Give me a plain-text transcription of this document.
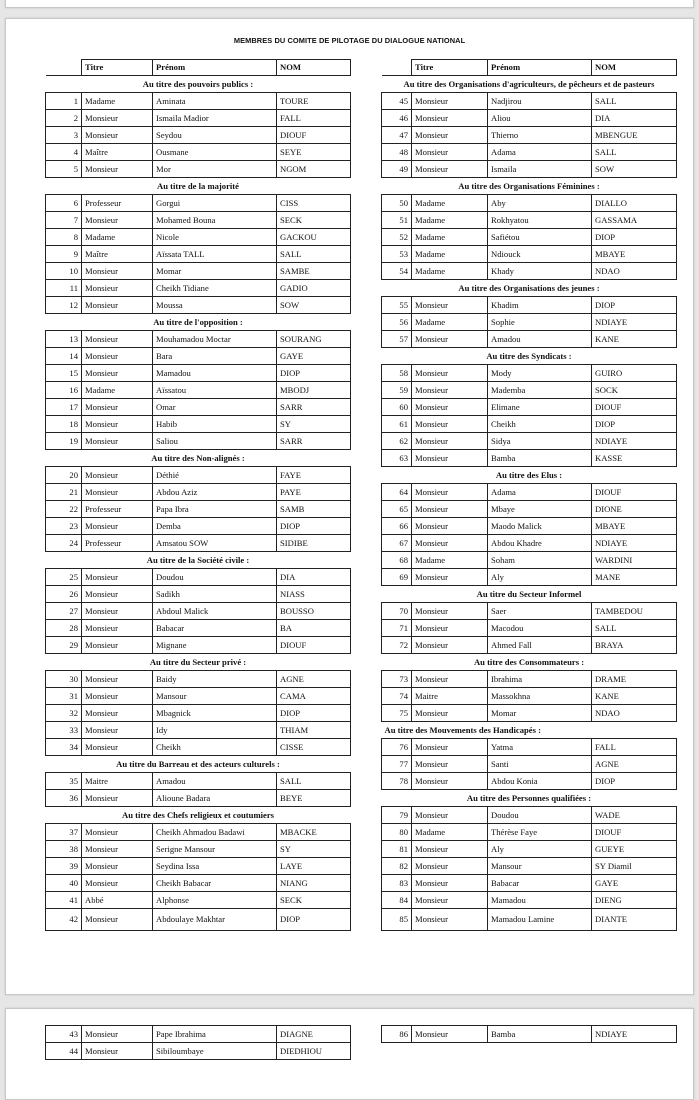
MEMBRES DU COMITE DE PILOTAGE DU DIALOGUE NATIONAL
	Titre	Prénom	NOM
Au titre des pouvoirs publics :			
1	Madame	Aminata	TOURE
2	Monsieur	Ismaila Madior	FALL
3	Monsieur	Seydou	DIOUF
4	Maître	Ousmane	SEYE
5	Monsieur	Mor	NGOM
Au titre de la majorité			
6	Professeur	Gorgui	CISS
7	Monsieur	Mohamed Bouna	SECK
8	Madame	Nicole	GACKOU
9	Maître	Aïssata TALL	SALL
10	Monsieur	Momar	SAMBE
11	Monsieur	Cheikh Tidiane	GADIO
12	Monsieur	Moussa	SOW
Au titre de l'opposition :			
13	Monsieur	Mouhamadou Moctar	SOURANG
14	Monsieur	Bara	GAYE
15	Monsieur	Mamadou	DIOP
16	Madame	Aïssatou	MBODJ
17	Monsieur	Omar	SARR
18	Monsieur	Habib	SY
19	Monsieur	Saliou	SARR
Au titre des Non-alignés :			
20	Monsieur	Déthié	FAYE
21	Monsieur	Abdou Aziz	PAYE
22	Professeur	Papa Ibra	SAMB
23	Monsieur	Demba	DIOP
24	Professeur	Amsatou SOW	SIDIBE
Au titre de la Société civile :			
25	Monsieur	Doudou	DIA
26	Monsieur	Sadikh	NIASS
27	Monsieur	Abdoul Malick	BOUSSO
28	Monsieur	Babacar	BA
29	Monsieur	Mignane	DIOUF
Au titre du Secteur privé :			
30	Monsieur	Baidy	AGNE
31	Monsieur	Mansour	CAMA
32	Monsieur	Mbagnick	DIOP
33	Monsieur	Idy	THIAM
34	Monsieur	Cheikh	CISSE
Au titre du Barreau et des acteurs culturels :			
35	Maitre	Amadou	SALL
36	Monsieur	Alioune Badara	BEYE
Au titre des Chefs religieux et coutumiers			
37	Monsieur	Cheikh Ahmadou Badawi	MBACKE
38	Monsieur	Serigne Mansour	SY
39	Monsieur	Seydina Issa	LAYE
40	Monsieur	Cheikh Babacar	NIANG
41	Abbé	Alphonse	SECK
42	Monsieur	Abdoulaye Makhtar	DIOP
	Titre	Prénom	NOM
Au titre des Organisations d'agriculteurs, de pêcheurs et de pasteurs			
45	Monsieur	Nadjirou	SALL
46	Monsieur	Aliou	DIA
47	Monsieur	Thierno	MBENGUE
48	Monsieur	Adama	SALL
49	Monsieur	Ismaila	SOW
Au titre des Organisations Féminines :			
50	Madame	Aby	DIALLO
51	Madame	Rokhyatou	GASSAMA
52	Madame	Safiétou	DIOP
53	Madame	Ndiouck	MBAYE
54	Madame	Khady	NDAO
Au titre des Organisations des jeunes :			
55	Monsieur	Khadim	DIOP
56	Madame	Sophie	NDIAYE
57	Monsieur	Amadou	KANE
Au titre des Syndicats :			
58	Monsieur	Mody	GUIRO
59	Monsieur	Mademba	SOCK
60	Monsieur	Elimane	DIOUF
61	Monsieur	Cheikh	DIOP
62	Monsieur	Sidya	NDIAYE
63	Monsieur	Bamba	KASSE
Au titre des Elus :			
64	Monsieur	Adama	DIOUF
65	Monsieur	Mbaye	DIONE
66	Monsieur	Maodo Malick	MBAYE
67	Monsieur	Abdou Khadre	NDIAYE
68	Madame	Soham	WARDINI
69	Monsieur	Aly	MANE
Au titre du Secteur Informel			
70	Monsieur	Saer	TAMBEDOU
71	Monsieur	Macodou	SALL
72	Monsieur	Ahmed Fall	BRAYA
Au titre des Consommateurs :			
73	Monsieur	Ibrahima	DRAME
74	Maitre	Massokhna	KANE
75	Monsieur	Momar	NDAO
Au titre des Mouvements des Handicapés :			
76	Monsieur	Yatma	FALL
77	Monsieur	Santi	AGNE
78	Monsieur	Abdou Konia	DIOP
Au titre des Personnes qualifiées :			
79	Monsieur	Doudou	WADE
80	Madame	Thérèse Faye	DIOUF
81	Monsieur	Aly	GUEYE
82	Monsieur	Mansour	SY Diamil
83	Monsieur	Babacar	GAYE
84	Monsieur	Mamadou	DIENG
85	Monsieur	Mamadou Lamine	DIANTE
43	Monsieur	Pape Ibrahima	DIAGNE
44	Monsieur	Sibiloumbaye	DIEDHIOU
86	Monsieur	Bamba	NDIAYE
